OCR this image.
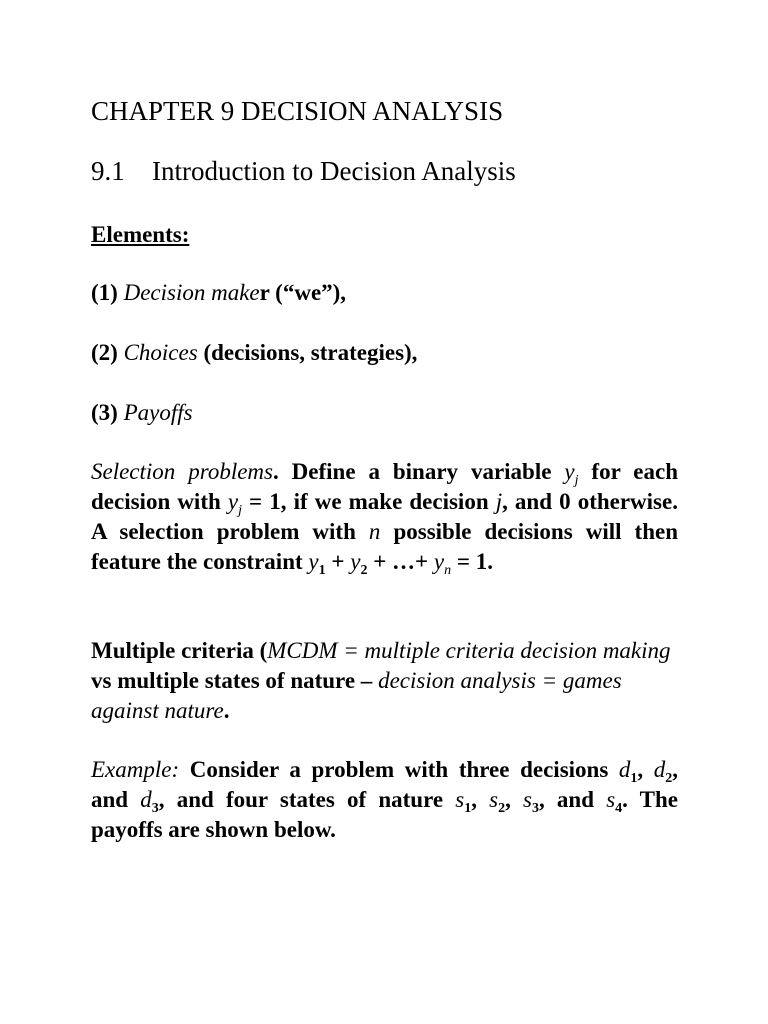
CHAPTER 9 DECISION ANALYSIS
9.1 Introduction to Decision Analysis
Elements:
(1) Decision maker (“we”),
(2) Choices (decisions, strategies),
(3) Payoffs

Selection problems. Define a binary variable $y_j$ for each decision with $y_j = 1$, if we make decision j, and 0 otherwise. A selection problem with n possible decisions will then feature the constraint $y_1 + y_2$ + …+ $y_n = 1$.

Multiple criteria (MCDM = multiple criteria decision making vs multiple states of nature – decision analysis = games against nature.

Example: Consider a problem with three decisions $d_1$, $d_2$, and $d_3$, and four states of nature $s_1$, $s_2$, $s_3$, and $s_4$. The payoffs are shown below.
